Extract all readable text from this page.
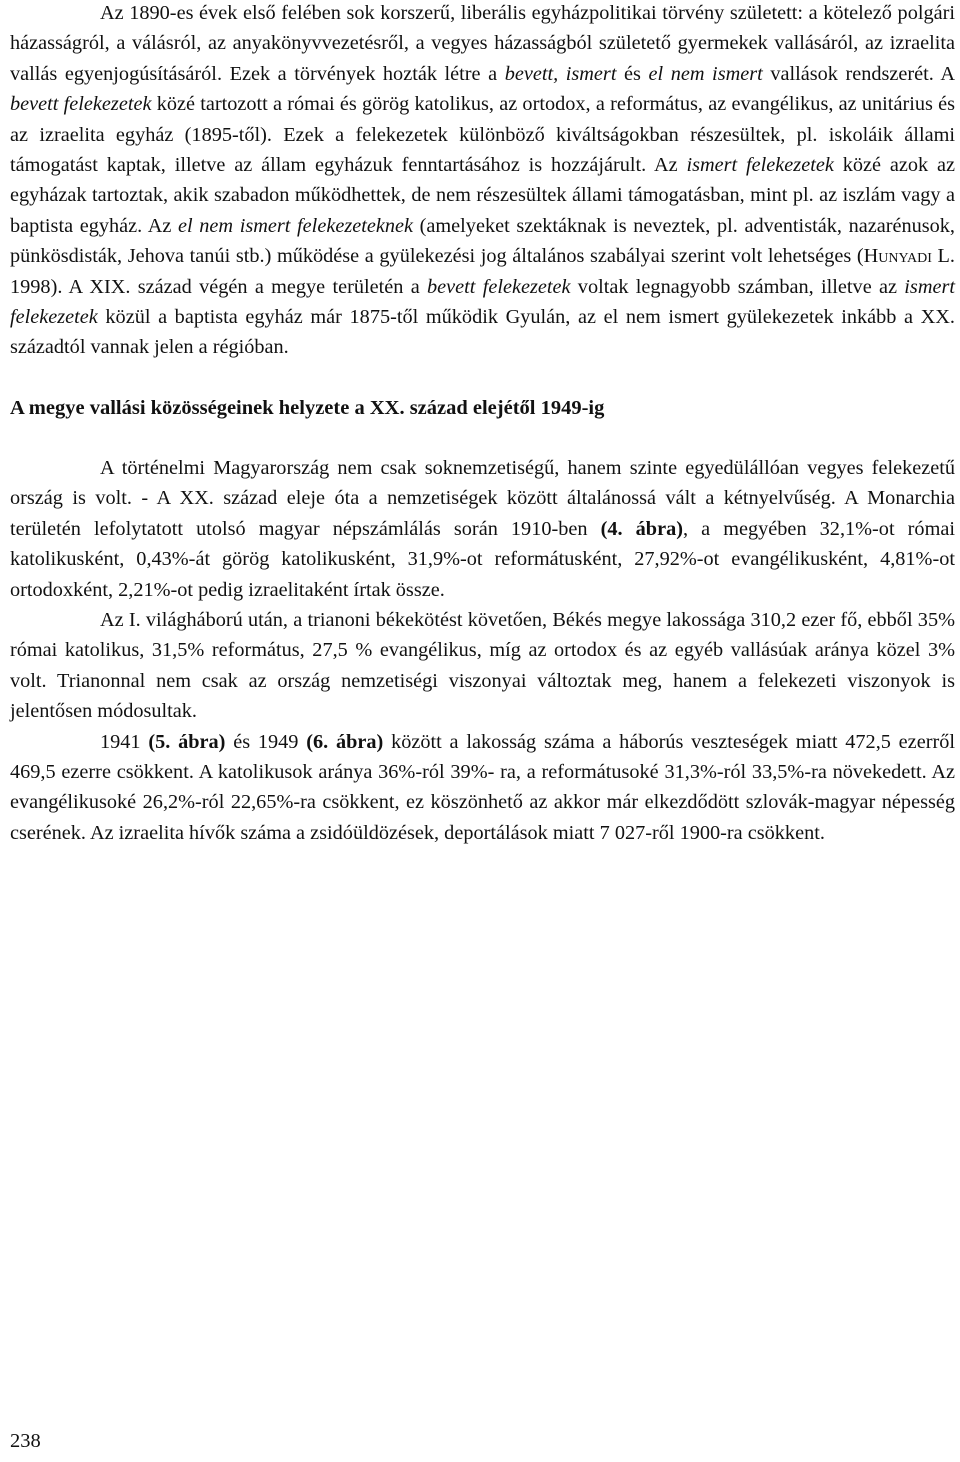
Az 1890-es évek első felében sok korszerű, liberális egyházpolitikai törvény született: a kötelező polgári házasságról, a válásról, az anyakönyvvezetésről, a vegyes házasságból születető gyermekek vallásáról, az izraelita vallás egyenjogúsításáról. Ezek a törvények hozták létre a bevett, ismert és el nem ismert vallások rendszerét. A bevett felekezetek közé tartozott a római és görög katolikus, az ortodox, a református, az evangélikus, az unitárius és az izraelita egyház (1895-től). Ezek a felekezetek különböző kiváltságokban részesültek, pl. iskoláik állami támogatást kaptak, illetve az állam egyházuk fenntartásához is hozzájárult. Az ismert felekezetek közé azok az egyházak tartoztak, akik szabadon működhettek, de nem részesültek állami támogatásban, mint pl. az iszlám vagy a baptista egyház. Az el nem ismert felekezeteknek (amelyeket szektáknak is neveztek, pl. adventisták, nazarénusok, pünkösdisták, Jehova tanúi stb.) működése a gyülekezési jog általános szabályai szerint volt lehetséges (Hunyadi L. 1998). A XIX. század végén a megye területén a bevett felekezetek voltak legnagyobb számban, illetve az ismert felekezetek közül a baptista egyház már 1875-től működik Gyulán, az el nem ismert gyülekezetek inkább a XX. századtól vannak jelen a régióban.

A megye vallási közösségeinek helyzete a XX. század elejétől 1949-ig

A történelmi Magyarország nem csak soknemzetiségű, hanem szinte egyedülállóan vegyes felekezetű ország is volt. - A XX. század eleje óta a nemzetiségek között általánossá vált a kétnyelvűség. A Monarchia területén lefolytatott utolsó magyar népszámlálás során 1910-ben (4. ábra), a megyében 32,1%-ot római katolikusként, 0,43%-át görög katolikusként, 31,9%-ot reformátusként, 27,92%-ot evangélikusként, 4,81%-ot ortodoxként, 2,21%-ot pedig izraelitaként írtak össze.

Az I. világháború után, a trianoni békekötést követően, Békés megye lakossága 310,2 ezer fő, ebből 35% római katolikus, 31,5% református, 27,5 % evangélikus, míg az ortodox és az egyéb vallásúak aránya közel 3% volt. Trianonnal nem csak az ország nemzetiségi viszonyai változtak meg, hanem a felekezeti viszonyok is jelentősen módosultak.

1941 (5. ábra) és 1949 (6. ábra) között a lakosság száma a háborús veszteségek miatt 472,5 ezerről 469,5 ezerre csökkent. A katolikusok aránya 36%-ról 39%- ra, a reformátusoké 31,3%-ról 33,5%-ra növekedett. Az evangélikusoké 26,2%-ról 22,65%-ra csökkent, ez köszönhető az akkor már elkezdődött szlovák-magyar népesség cserének. Az izraelita hívők száma a zsidóüldözések, deportálások miatt 7 027-ről 1900-ra csökkent.

238
